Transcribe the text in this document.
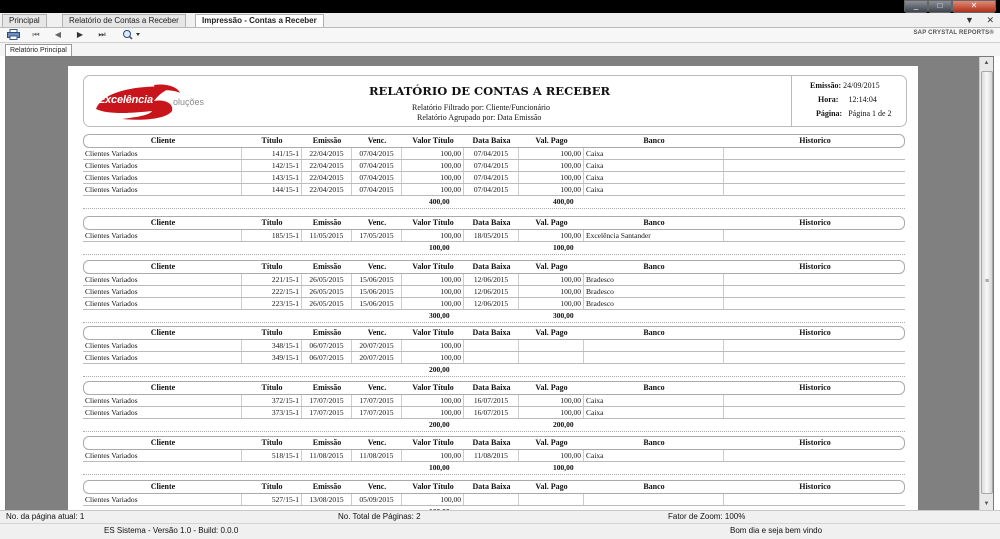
_	□	✕
Principal	Relatório de Contas a Receber	Impressão - Contas a Receber	▼ ✕
⏮	◀	▶	⏭	SAP CRYSTAL REPORTS®
Relatório Principal
Excelência oluções
RELATÓRIO DE CONTAS A RECEBER
Relatório Filtrado por: Cliente/Funcionário
Relatório Agrupado por: Data Emissão
Emissão: 24/09/2015
Hora: 12:14:04
Página: Página 1 de 2
Cliente	Título	Emissão	Venc.	Valor Título	Data Baixa	Val. Pago	Banco	Historico
Clientes Variados	141/15-1	22/04/2015	07/04/2015	100,00	07/04/2015	100,00 Caixa
Clientes Variados	142/15-1	22/04/2015	07/04/2015	100,00	07/04/2015	100,00 Caixa
Clientes Variados	143/15-1	22/04/2015	07/04/2015	100,00	07/04/2015	100,00 Caixa
Clientes Variados	144/15-1	22/04/2015	07/04/2015	100,00	07/04/2015	100,00 Caixa
400,00	400,00
Cliente	Título	Emissão	Venc.	Valor Título	Data Baixa	Val. Pago	Banco	Historico
Clientes Variados	185/15-1	11/05/2015	17/05/2015	100,00	18/05/2015	100,00 Excelência Santander
100,00	100,00
Cliente	Título	Emissão	Venc.	Valor Título	Data Baixa	Val. Pago	Banco	Historico
Clientes Variados	221/15-1	26/05/2015	15/06/2015	100,00	12/06/2015	100,00 Bradesco
Clientes Variados	222/15-1	26/05/2015	15/06/2015	100,00	12/06/2015	100,00 Bradesco
Clientes Variados	223/15-1	26/05/2015	15/06/2015	100,00	12/06/2015	100,00 Bradesco
300,00	300,00
Cliente	Título	Emissão	Venc.	Valor Título	Data Baixa	Val. Pago	Banco	Historico
Clientes Variados	348/15-1	06/07/2015	20/07/2015	100,00
Clientes Variados	349/15-1	06/07/2015	20/07/2015	100,00
200,00
Cliente	Título	Emissão	Venc.	Valor Título	Data Baixa	Val. Pago	Banco	Historico
Clientes Variados	372/15-1	17/07/2015	17/07/2015	100,00	16/07/2015	100,00 Caixa
Clientes Variados	373/15-1	17/07/2015	17/07/2015	100,00	16/07/2015	100,00 Caixa
200,00	200,00
Cliente	Título	Emissão	Venc.	Valor Título	Data Baixa	Val. Pago	Banco	Historico
Clientes Variados	518/15-1	11/08/2015	11/08/2015	100,00	11/08/2015	100,00 Caixa
100,00	100,00
Cliente	Título	Emissão	Venc.	Valor Título	Data Baixa	Val. Pago	Banco	Historico
Clientes Variados	527/15-1	13/08/2015	05/09/2015	100,00
▲
≡
▼
No. da página atual: 1	No. Total de Páginas: 2	Fator de Zoom: 100%
ES Sistema - Versão 1.0 - Build: 0.0.0	Bom dia e seja bem vindo
